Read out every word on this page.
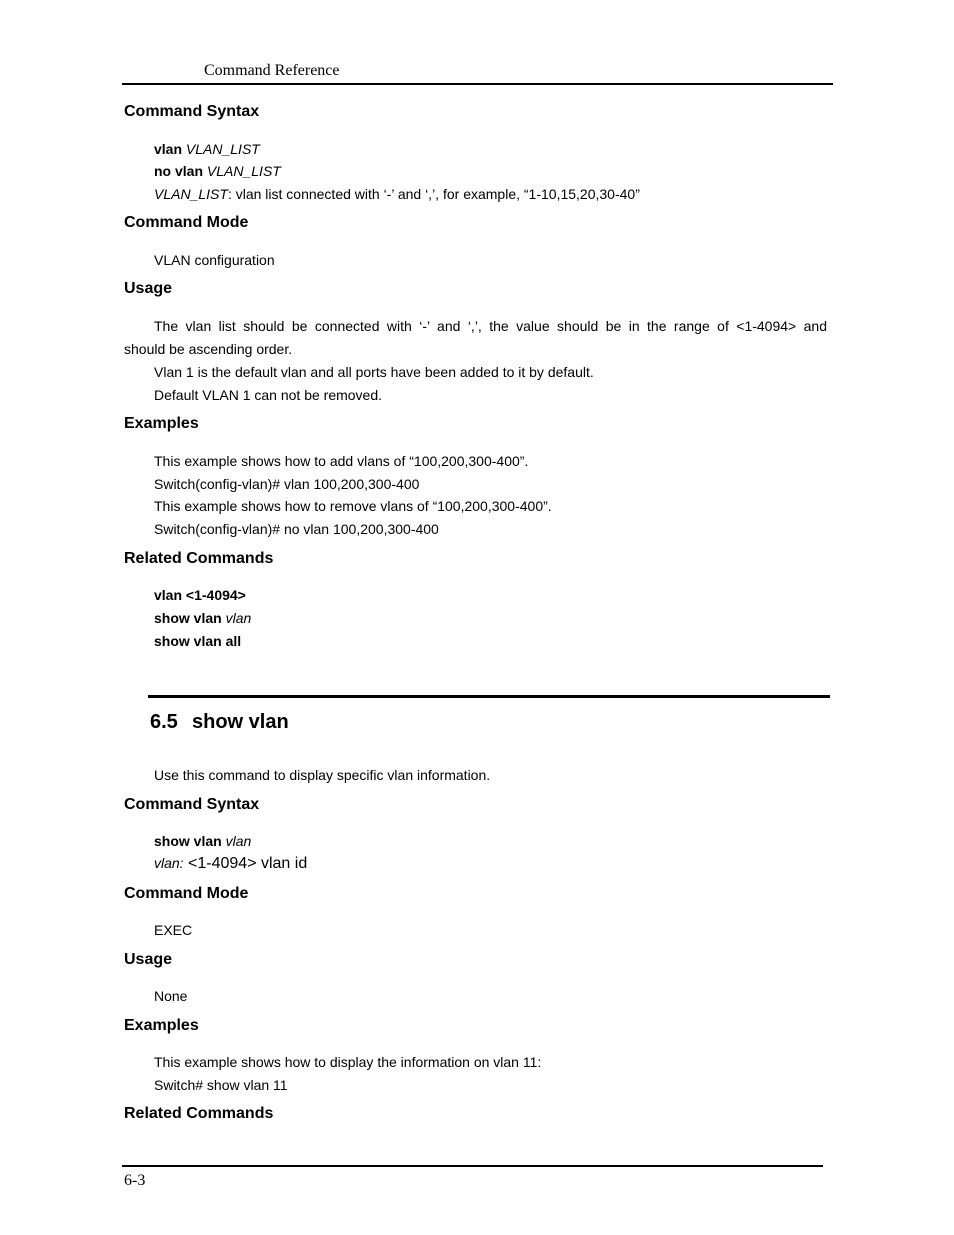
Command Reference
Command Syntax
vlan VLAN_LIST
no vlan VLAN_LIST
VLAN_LIST: vlan list connected with ‘-’ and ‘,’, for example, “1-10,15,20,30-40”
Command Mode
VLAN configuration
Usage
The vlan list should be connected with ‘-’ and ‘,’, the value should be in the range of <1-4094> and
should be ascending order.
Vlan 1 is the default vlan and all ports have been added to it by default.
Default VLAN 1 can not be removed.
Examples
This example shows how to add vlans of “100,200,300-400”.
Switch(config-vlan)# vlan 100,200,300-400
This example shows how to remove vlans of “100,200,300-400”.
Switch(config-vlan)# no vlan 100,200,300-400
Related Commands
vlan <1-4094>
show vlan vlan
show vlan all
6.5 show vlan
Use this command to display specific vlan information.
Command Syntax
show vlan vlan
vlan: <1-4094> vlan id
Command Mode
EXEC
Usage
None
Examples
This example shows how to display the information on vlan 11:
Switch# show vlan 11
Related Commands
6-3
